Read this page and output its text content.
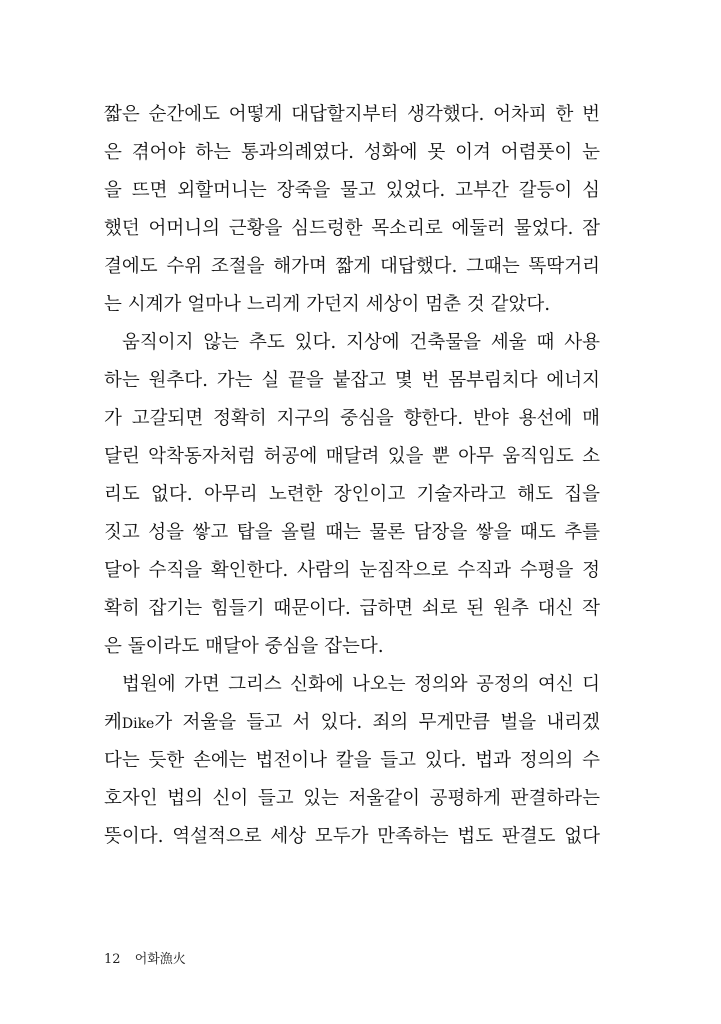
짧은 순간에도 어떻게 대답할지부터 생각했다. 어차피 한 번
은 겪어야 하는 통과의례였다. 성화에 못 이겨 어렴풋이 눈
을 뜨면 외할머니는 장죽을 물고 있었다. 고부간 갈등이 심
했던 어머니의 근황을 심드렁한 목소리로 에둘러 물었다. 잠
결에도 수위 조절을 해가며 짧게 대답했다. 그때는 똑딱거리
는 시계가 얼마나 느리게 가던지 세상이 멈춘 것 같았다.
움직이지 않는 추도 있다. 지상에 건축물을 세울 때 사용
하는 원추다. 가는 실 끝을 붙잡고 몇 번 몸부림치다 에너지
가 고갈되면 정확히 지구의 중심을 향한다. 반야 용선에 매
달린 악착동자처럼 허공에 매달려 있을 뿐 아무 움직임도 소
리도 없다. 아무리 노련한 장인이고 기술자라고 해도 집을
짓고 성을 쌓고 탑을 올릴 때는 물론 담장을 쌓을 때도 추를
달아 수직을 확인한다. 사람의 눈짐작으로 수직과 수평을 정
확히 잡기는 힘들기 때문이다. 급하면 쇠로 된 원추 대신 작
은 돌이라도 매달아 중심을 잡는다.
법원에 가면 그리스 신화에 나오는 정의와 공정의 여신 디
케Dike가 저울을 들고 서 있다. 죄의 무게만큼 벌을 내리겠
다는 듯한 손에는 법전이나 칼을 들고 있다. 법과 정의의 수
호자인 법의 신이 들고 있는 저울같이 공평하게 판결하라는
뜻이다. 역설적으로 세상 모두가 만족하는 법도 판결도 없다
12 어화漁火
